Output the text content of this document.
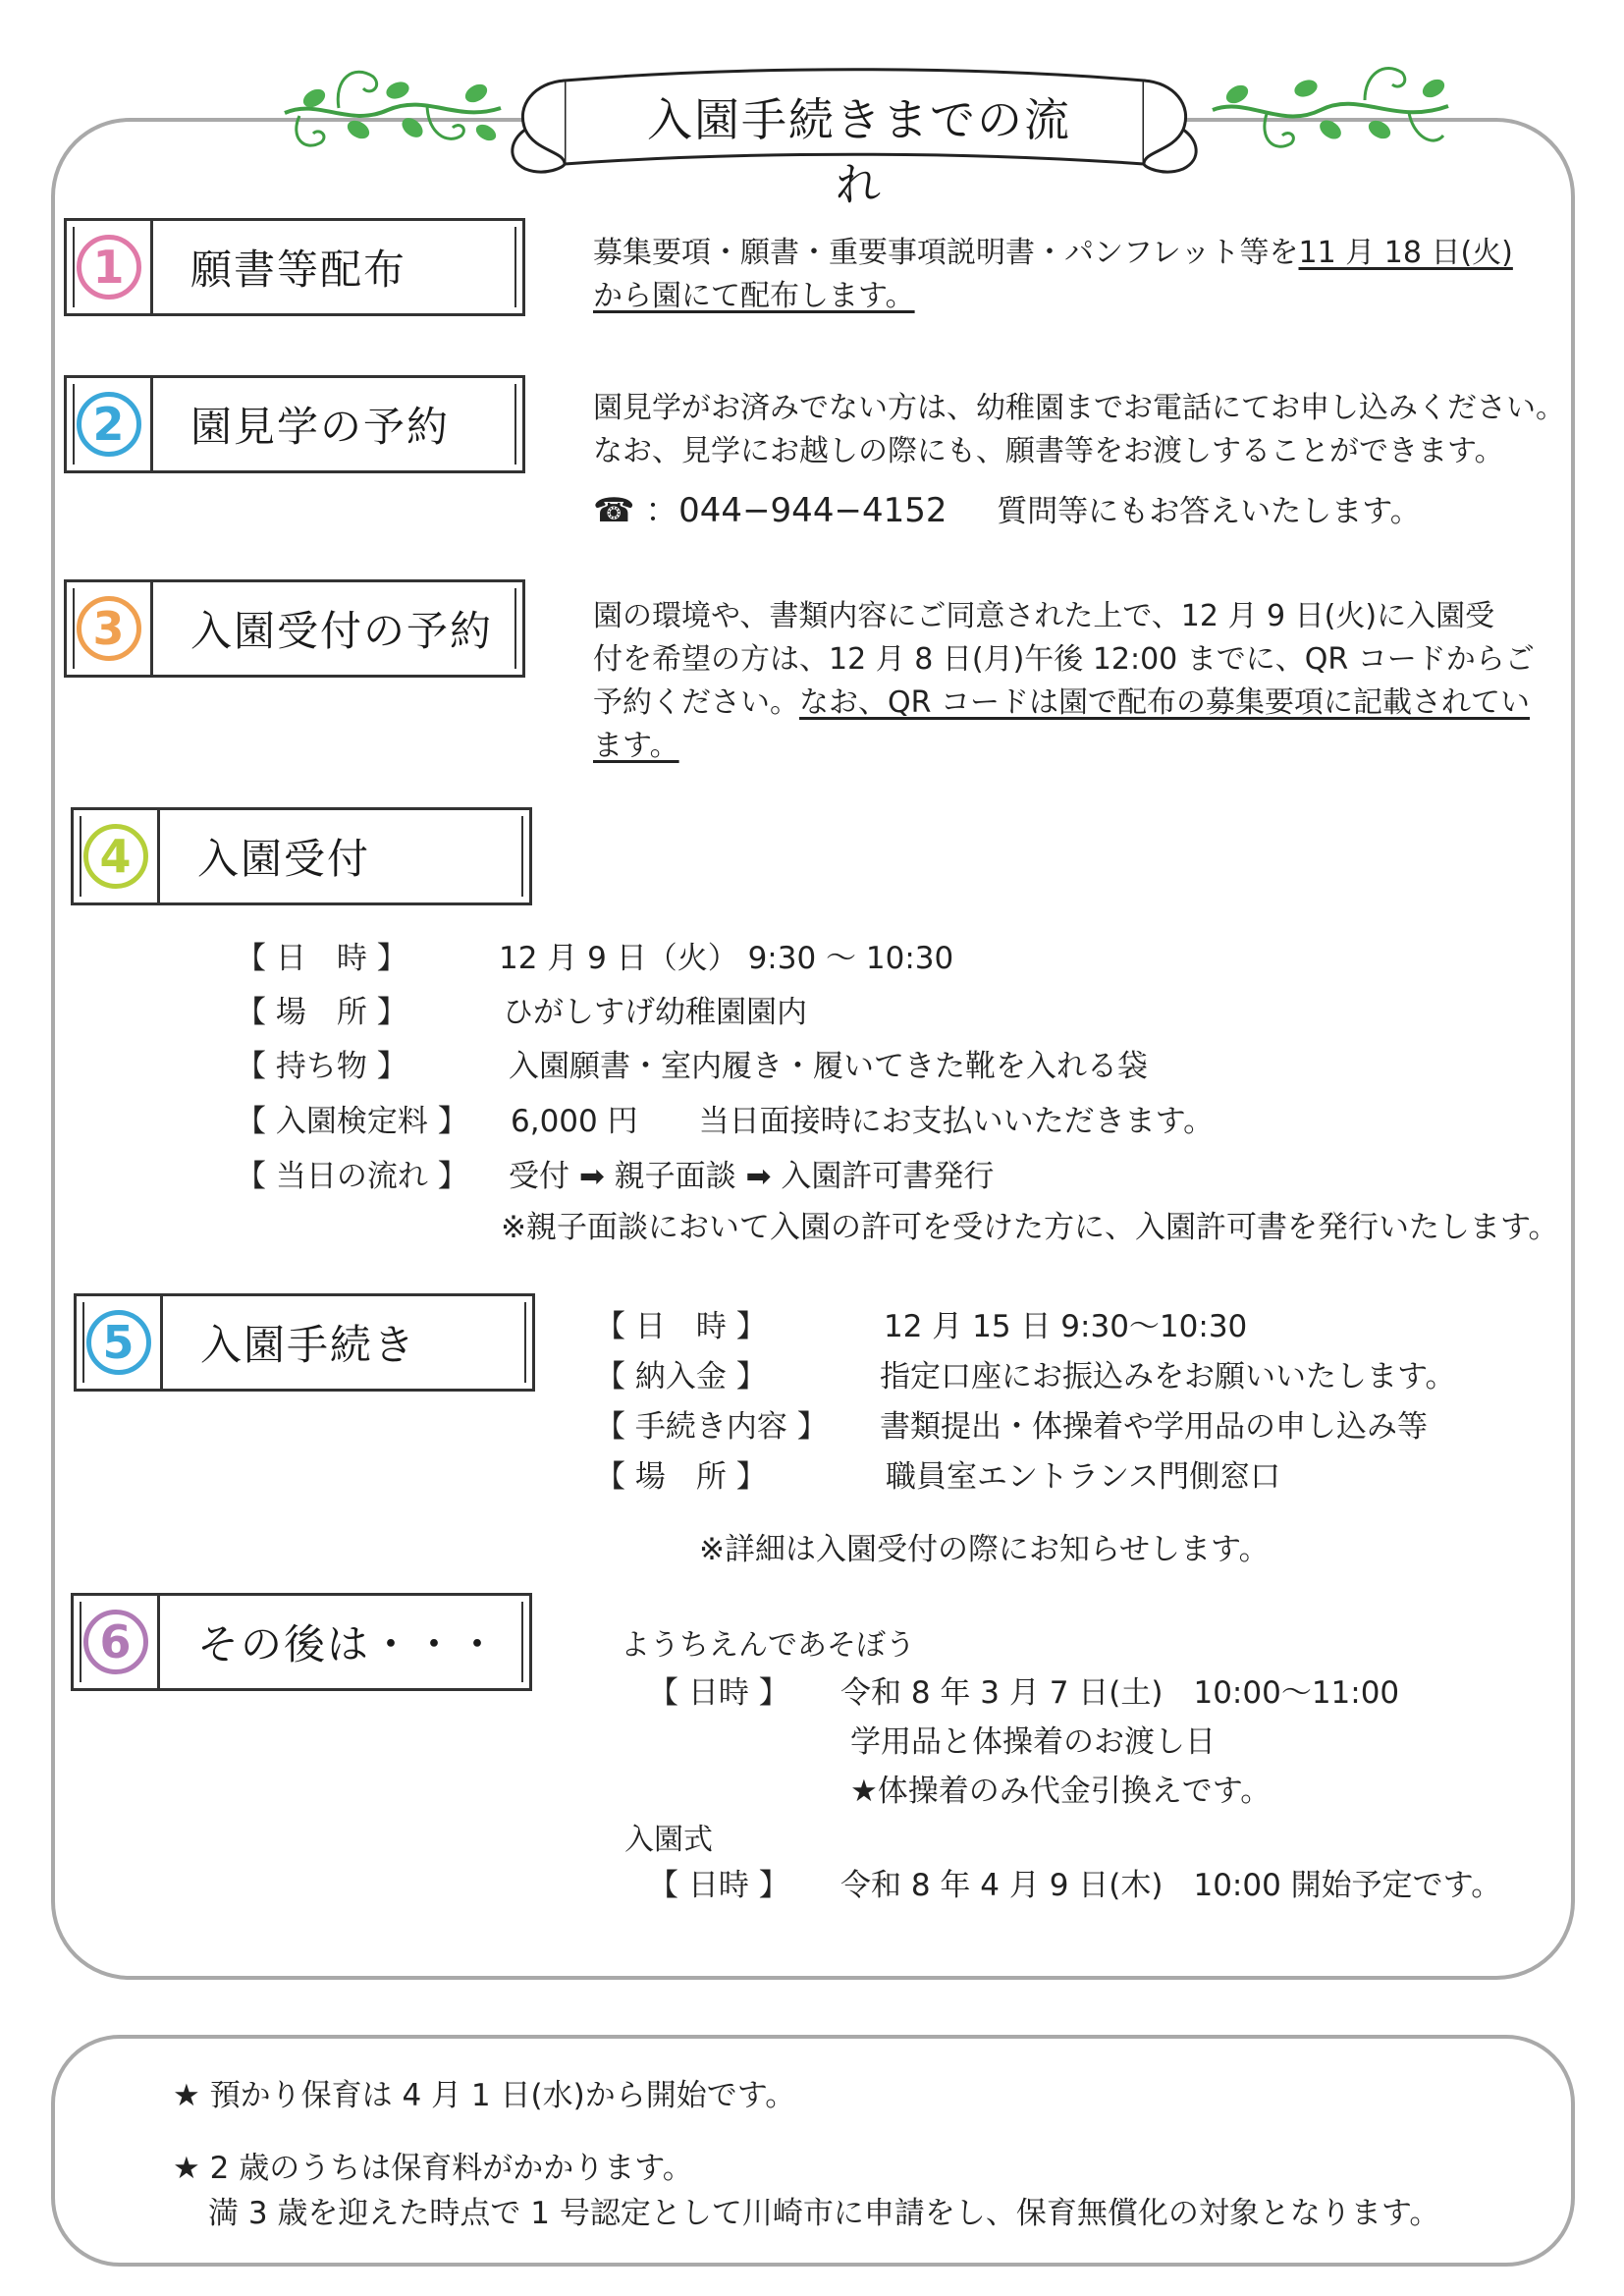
入園手続きまでの流れ
1	願書等配布	募集要項・願書・重要事項説明書・パンフレット等を11 月 18 日(火)
から園にて配布します。
2	園見学の予約	園見学がお済みでない方は、幼稚園までお電話にてお申し込みください。
なお、見学にお越しの際にも、願書等をお渡しすることができます。
☎ ：044−944−4152 質問等にもお答えいたします。
3	入園受付の予約	園の環境や、書類内容にご同意された上で、12 月 9 日(火)に入園受
付を希望の方は、12 月 8 日(月)午後 12:00 までに、QR コードからご
予約ください。なお、QR コードは園で配布の募集要項に記載されてい
ます。
4	入園受付
【 日　時 】	12 月 9 日（火） 9:30 〜 10:30
【 場　所 】	ひがしすげ幼稚園園内
【 持ち物 】	入園願書・室内履き・履いてきた靴を入れる袋
【 入園検定料 】 6,000 円　　当日面接時にお支払いいただきます。
【 当日の流れ 】 受付 ➡ 親子面談 ➡ 入園許可書発行
※親子面談において入園の許可を受けた方に、入園許可書を発行いたします。
5	入園手続き	【 日　時 】	12 月 15 日 9:30〜10:30
【 納入金 】	指定口座にお振込みをお願いいたします。
【 手続き内容 】 書類提出・体操着や学用品の申し込み等
【 場　所 】	職員室エントランス門側窓口
※詳細は入園受付の際にお知らせします。
6	その後は・・・	ようちえんであそぼう
【 日時 】 令和 8 年 3 月 7 日(土)　10:00〜11:00
学用品と体操着のお渡し日
★体操着のみ代金引換えです。
入園式
【 日時 】 令和 8 年 4 月 9 日(木)　10:00 開始予定です。
★ 預かり保育は 4 月 1 日(水)から開始です。
★ 2 歳のうちは保育料がかかります。
満 3 歳を迎えた時点で 1 号認定として川崎市に申請をし、保育無償化の対象となります。
